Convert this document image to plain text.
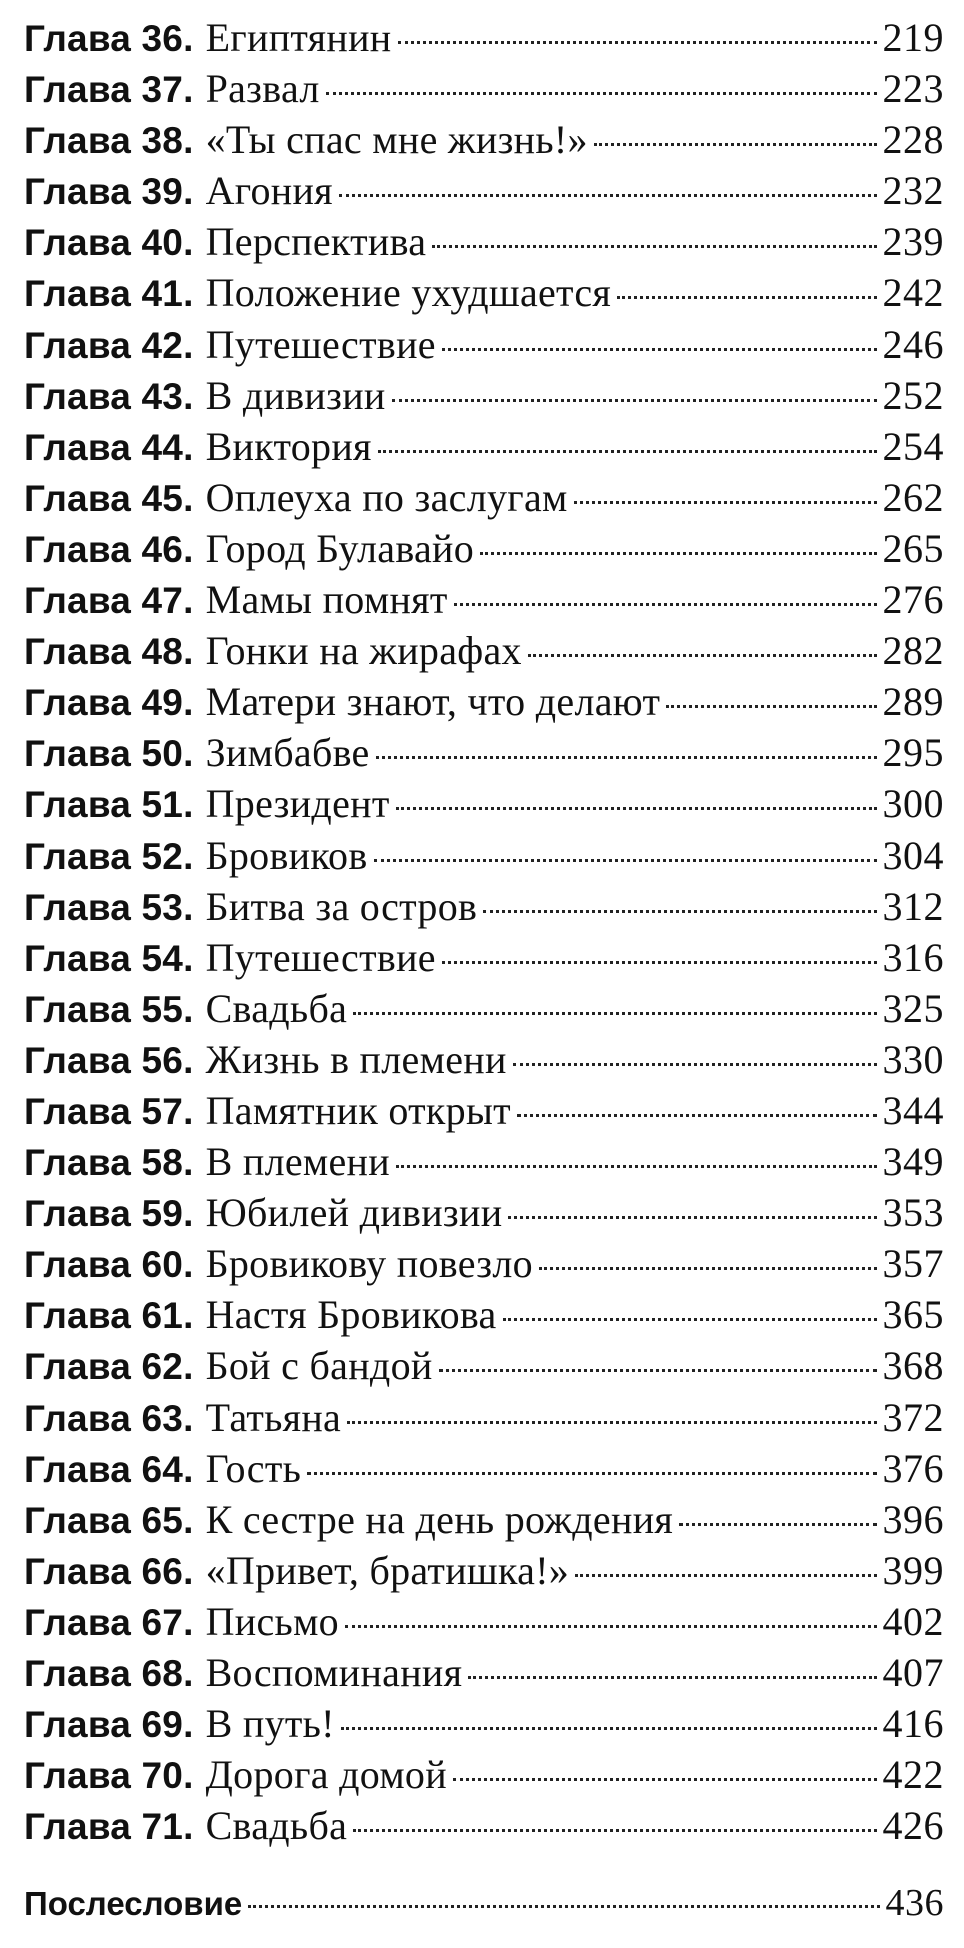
Глава 36. Египтянин	219
Глава 37. Развал	223
Глава 38. «Ты спас мне жизнь!»	228
Глава 39. Агония	232
Глава 40. Перспектива	239
Глава 41. Положение ухудшается	242
Глава 42. Путешествие	246
Глава 43. В дивизии	252
Глава 44. Виктория	254
Глава 45. Оплеуха по заслугам	262
Глава 46. Город Булавайо	265
Глава 47. Мамы помнят	276
Глава 48. Гонки на жирафах	282
Глава 49. Матери знают, что делают	289
Глава 50. Зимбабве	295
Глава 51. Президент	300
Глава 52. Бровиков	304
Глава 53. Битва за остров	312
Глава 54. Путешествие	316
Глава 55. Свадьба	325
Глава 56. Жизнь в племени	330
Глава 57. Памятник открыт	344
Глава 58. В племени	349
Глава 59. Юбилей дивизии	353
Глава 60. Бровикову повезло	357
Глава 61. Настя Бровикова	365
Глава 62. Бой с бандой	368
Глава 63. Татьяна	372
Глава 64. Гость	376
Глава 65. К сестре на день рождения	396
Глава 66. «Привет, братишка!»	399
Глава 67. Письмо	402
Глава 68. Воспоминания	407
Глава 69. В путь!	416
Глава 70. Дорога домой	422
Глава 71. Свадьба	426
Послесловие	436
